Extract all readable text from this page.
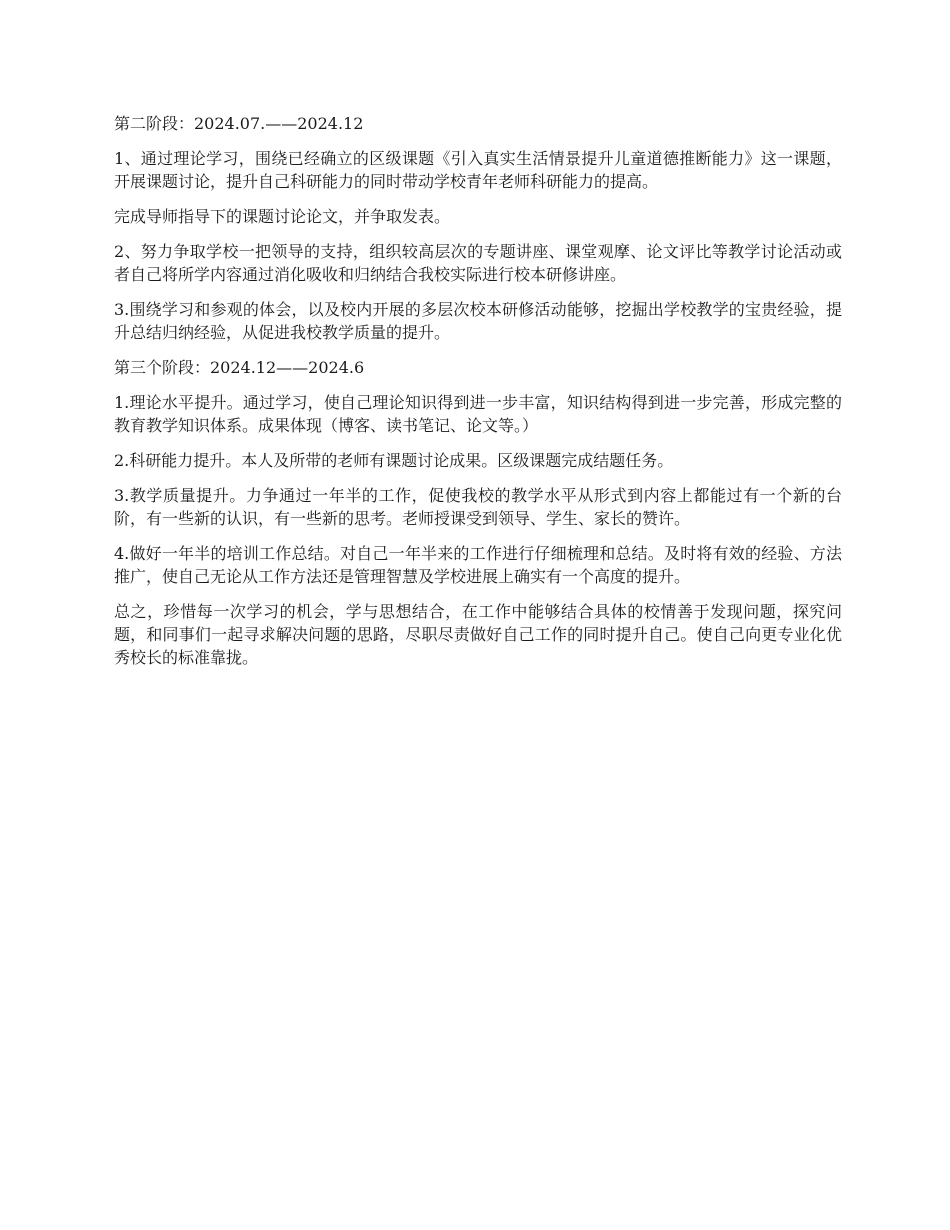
第二阶段：2024.07.——2024.12

1、通过理论学习，围绕已经确立的区级课题《引入真实生活情景提升儿童道德推断能力》这一课题，开展课题讨论，提升自己科研能力的同时带动学校青年老师科研能力的提高。

完成导师指导下的课题讨论论文，并争取发表。

2、努力争取学校一把领导的支持，组织较高层次的专题讲座、课堂观摩、论文评比等教学讨论活动或者自己将所学内容通过消化吸收和归纳结合我校实际进行校本研修讲座。

3.围绕学习和参观的体会，以及校内开展的多层次校本研修活动能够，挖掘出学校教学的宝贵经验，提升总结归纳经验，从促进我校教学质量的提升。

第三个阶段：2024.12——2024.6

1.理论水平提升。通过学习，使自己理论知识得到进一步丰富，知识结构得到进一步完善，形成完整的教育教学知识体系。成果体现（博客、读书笔记、论文等。）

2.科研能力提升。本人及所带的老师有课题讨论成果。区级课题完成结题任务。

3.教学质量提升。力争通过一年半的工作，促使我校的教学水平从形式到内容上都能过有一个新的台阶，有一些新的认识，有一些新的思考。老师授课受到领导、学生、家长的赞许。

4.做好一年半的培训工作总结。对自己一年半来的工作进行仔细梳理和总结。及时将有效的经验、方法推广，使自己无论从工作方法还是管理智慧及学校进展上确实有一个高度的提升。

总之，珍惜每一次学习的机会，学与思想结合，在工作中能够结合具体的校情善于发现问题，探究问题，和同事们一起寻求解决问题的思路，尽职尽责做好自己工作的同时提升自己。使自己向更专业化优秀校长的标准靠拢。
